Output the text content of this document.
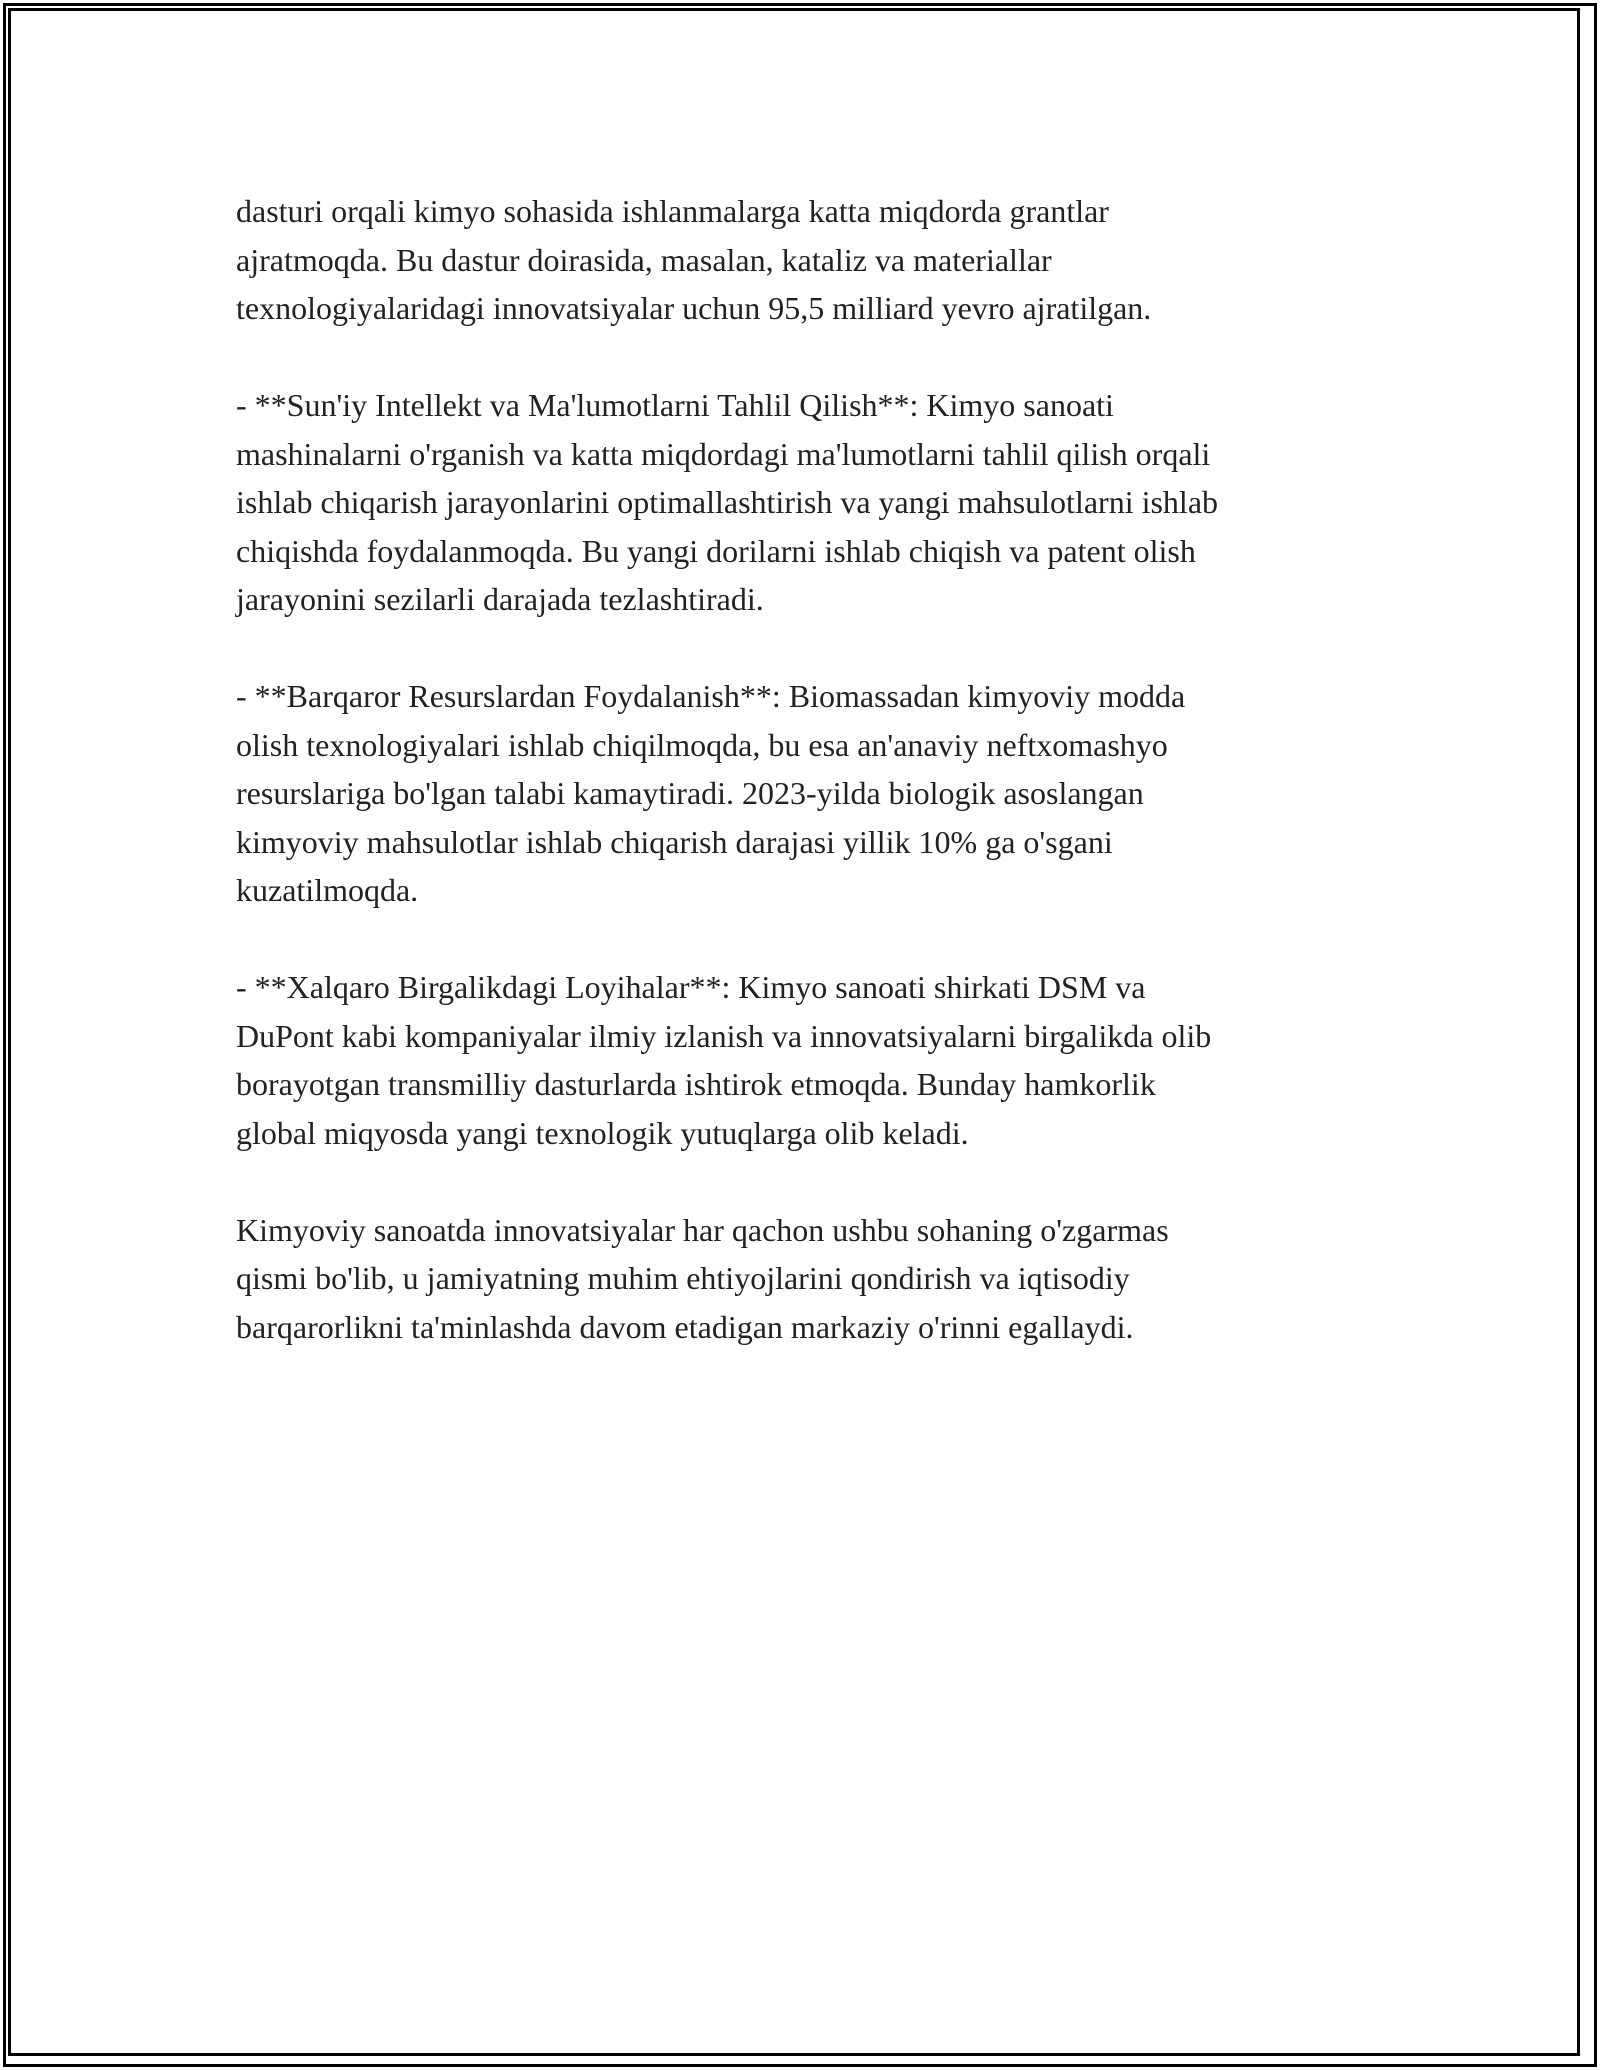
dasturi orqali kimyo sohasida ishlanmalarga katta miqdorda grantlar
ajratmoqda. Bu dastur doirasida, masalan, kataliz va materiallar
texnologiyalaridagi innovatsiyalar uchun 95,5 milliard yevro ajratilgan.

- **Sun'iy Intellekt va Ma'lumotlarni Tahlil Qilish**: Kimyo sanoati
mashinalarni o'rganish va katta miqdordagi ma'lumotlarni tahlil qilish orqali
ishlab chiqarish jarayonlarini optimallashtirish va yangi mahsulotlarni ishlab
chiqishda foydalanmoqda. Bu yangi dorilarni ishlab chiqish va patent olish
jarayonini sezilarli darajada tezlashtiradi.

- **Barqaror Resurslardan Foydalanish**: Biomassadan kimyoviy modda
olish texnologiyalari ishlab chiqilmoqda, bu esa an'anaviy neftxomashyo
resurslariga bo'lgan talabi kamaytiradi. 2023-yilda biologik asoslangan
kimyoviy mahsulotlar ishlab chiqarish darajasi yillik 10% ga o'sgani
kuzatilmoqda.

- **Xalqaro Birgalikdagi Loyihalar**: Kimyo sanoati shirkati DSM va
DuPont kabi kompaniyalar ilmiy izlanish va innovatsiyalarni birgalikda olib
borayotgan transmilliy dasturlarda ishtirok etmoqda. Bunday hamkorlik
global miqyosda yangi texnologik yutuqlarga olib keladi.

Kimyoviy sanoatda innovatsiyalar har qachon ushbu sohaning o'zgarmas
qismi bo'lib, u jamiyatning muhim ehtiyojlarini qondirish va iqtisodiy
barqarorlikni ta'minlashda davom etadigan markaziy o'rinni egallaydi.
